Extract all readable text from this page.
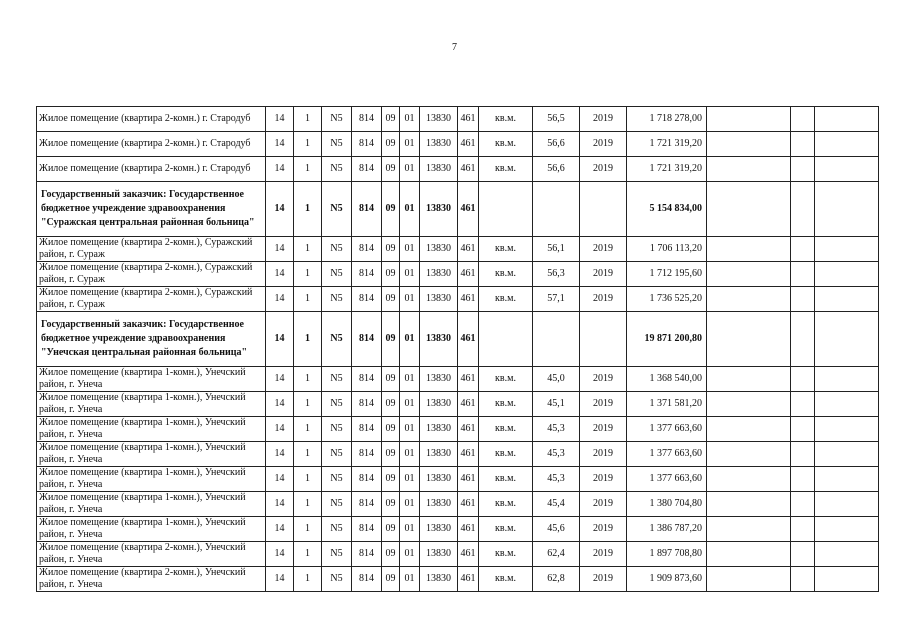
7
Жилое помещение (квартира 2-комн.) г. Стародуб	14	1	N5	814	09	01	13830	461	кв.м.	56,5	2019	1 718 278,00			
Жилое помещение (квартира 2-комн.) г. Стародуб	14	1	N5	814	09	01	13830	461	кв.м.	56,6	2019	1 721 319,20			
Жилое помещение (квартира 2-комн.) г. Стародуб	14	1	N5	814	09	01	13830	461	кв.м.	56,6	2019	1 721 319,20			
Государственный заказчик: Государственное бюджетное учреждение здравоохранения "Суражская центральная районная больница"	14	1	N5	814	09	01	13830	461				5 154 834,00			
Жилое помещение (квартира 2-комн.), Суражский район, г. Сураж	14	1	N5	814	09	01	13830	461	кв.м.	56,1	2019	1 706 113,20			
Жилое помещение (квартира 2-комн.), Суражский район, г. Сураж	14	1	N5	814	09	01	13830	461	кв.м.	56,3	2019	1 712 195,60			
Жилое помещение (квартира 2-комн.), Суражский район, г. Сураж	14	1	N5	814	09	01	13830	461	кв.м.	57,1	2019	1 736 525,20			
Государственный заказчик: Государственное бюджетное учреждение здравоохранения "Унечская центральная районная больница"	14	1	N5	814	09	01	13830	461				19 871 200,80			
Жилое помещение (квартира 1-комн.), Унечский район, г. Унеча	14	1	N5	814	09	01	13830	461	кв.м.	45,0	2019	1 368 540,00			
Жилое помещение (квартира 1-комн.), Унечский район, г. Унеча	14	1	N5	814	09	01	13830	461	кв.м.	45,1	2019	1 371 581,20			
Жилое помещение (квартира 1-комн.), Унечский район, г. Унеча	14	1	N5	814	09	01	13830	461	кв.м.	45,3	2019	1 377 663,60			
Жилое помещение (квартира 1-комн.), Унечский район, г. Унеча	14	1	N5	814	09	01	13830	461	кв.м.	45,3	2019	1 377 663,60			
Жилое помещение (квартира 1-комн.), Унечский район, г. Унеча	14	1	N5	814	09	01	13830	461	кв.м.	45,3	2019	1 377 663,60			
Жилое помещение (квартира 1-комн.), Унечский район, г. Унеча	14	1	N5	814	09	01	13830	461	кв.м.	45,4	2019	1 380 704,80			
Жилое помещение (квартира 1-комн.), Унечский район, г. Унеча	14	1	N5	814	09	01	13830	461	кв.м.	45,6	2019	1 386 787,20			
Жилое помещение (квартира 2-комн.), Унечский район, г. Унеча	14	1	N5	814	09	01	13830	461	кв.м.	62,4	2019	1 897 708,80			
Жилое помещение (квартира 2-комн.), Унечский район, г. Унеча	14	1	N5	814	09	01	13830	461	кв.м.	62,8	2019	1 909 873,60			
